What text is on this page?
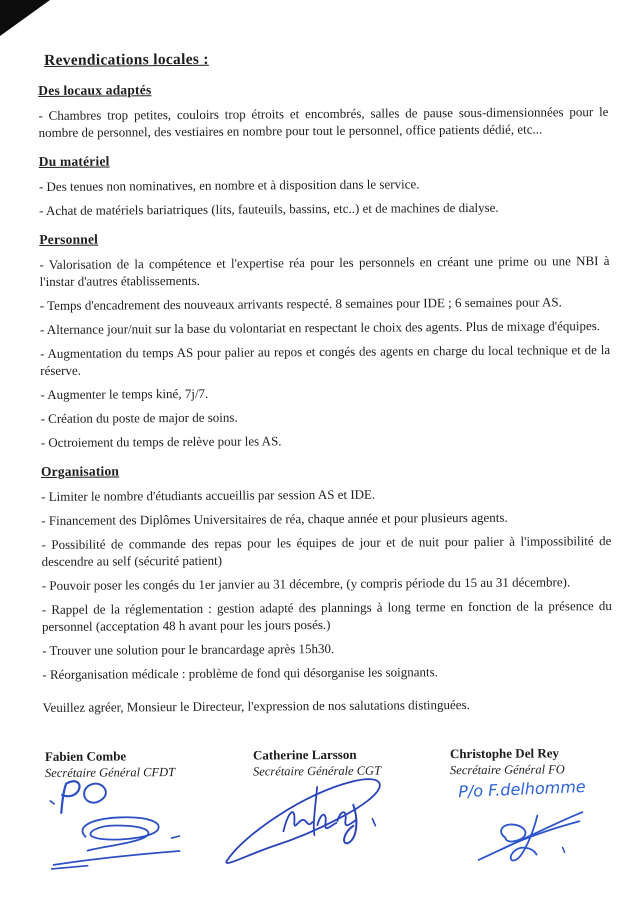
Revendications locales :
Des locaux adaptés

- Chambres trop petites, couloirs trop étroits et encombrés, salles de pause sous-dimensionnées pour le nombre de personnel, des vestiaires en nombre pour tout le personnel, office patients dédié, etc...

Du matériel

- Des tenues non nominatives, en nombre et à disposition dans le service.

- Achat de matériels bariatriques (lits, fauteuils, bassins, etc..) et de machines de dialyse.

Personnel

- Valorisation de la compétence et l'expertise réa pour les personnels en créant une prime ou une NBI à l'instar d'autres établissements.

- Temps d'encadrement des nouveaux arrivants respecté. 8 semaines pour IDE ; 6 semaines pour AS.

- Alternance jour/nuit sur la base du volontariat en respectant le choix des agents. Plus de mixage d'équipes.

- Augmentation du temps AS pour palier au repos et congés des agents en charge du local technique et de la réserve.

- Augmenter le temps kiné, 7j/7.

- Création du poste de major de soins.

- Octroiement du temps de relève pour les AS.

Organisation

- Limiter le nombre d'étudiants accueillis par session AS et IDE.

- Financement des Diplômes Universitaires de réa, chaque année et pour plusieurs agents.

- Possibilité de commande des repas pour les équipes de jour et de nuit pour palier à l'impossibilité de descendre au self (sécurité patient)

- Pouvoir poser les congés du 1er janvier au 31 décembre, (y compris période du 15 au 31 décembre).

- Rappel de la réglementation : gestion adapté des plannings à long terme en fonction de la présence du personnel (acceptation 48 h avant pour les jours posés.)

- Trouver une solution pour le brancardage après 15h30.

- Réorganisation médicale : problème de fond qui désorganise les soignants.

Veuillez agréer, Monsieur le Directeur, l'expression de nos salutations distinguées.

Fabien Combe

Secrétaire Général CFDT

Catherine Larsson

Secrétaire Générale CGT

Christophe Del Rey

Secrétaire Général FO

P/o F.delhomme
